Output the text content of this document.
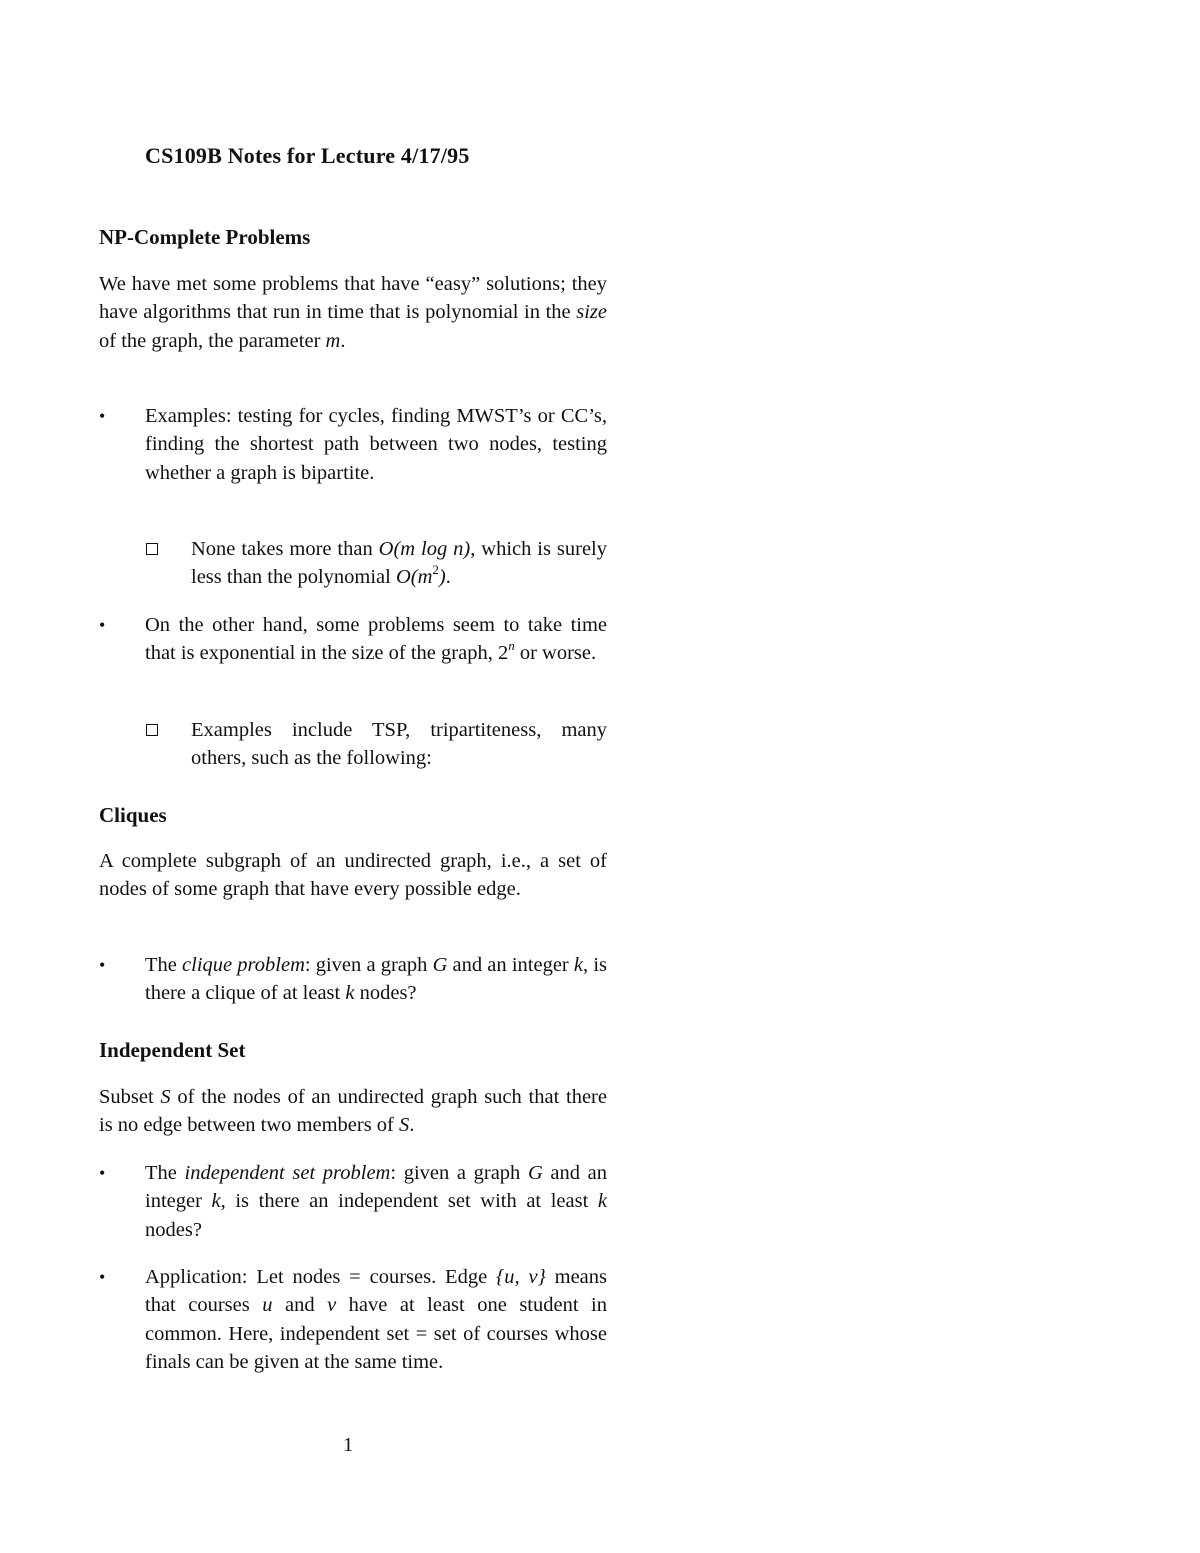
CS109B Notes for Lecture 4/17/95
NP-Complete Problems
We have met some problems that have “easy” solutions; they have algorithms that run in time that is polynomial in the size of the graph, the parameter m.
• Examples: testing for cycles, finding MWST’s or CC’s, finding the shortest path between two nodes, testing whether a graph is bipartite.
None takes more than O(m log n), which is surely less than the polynomial $O(m^2)$.
• On the other hand, some problems seem to take time that is exponential in the size of the graph, 2$^n$ or worse.
Examples include TSP, tripartiteness, many others, such as the following:
Cliques
A complete subgraph of an undirected graph, i.e., a set of nodes of some graph that have every possible edge.
• The clique problem: given a graph G and an integer k, is there a clique of at least k nodes?
Independent Set
Subset S of the nodes of an undirected graph such that there is no edge between two members of S.
• The independent set problem: given a graph G and an integer k, is there an independent set with at least k nodes?
• Application: Let nodes = courses. Edge {u, v} means that courses u and v have at least one student in common. Here, independent set = set of courses whose finals can be given at the same time.
1
